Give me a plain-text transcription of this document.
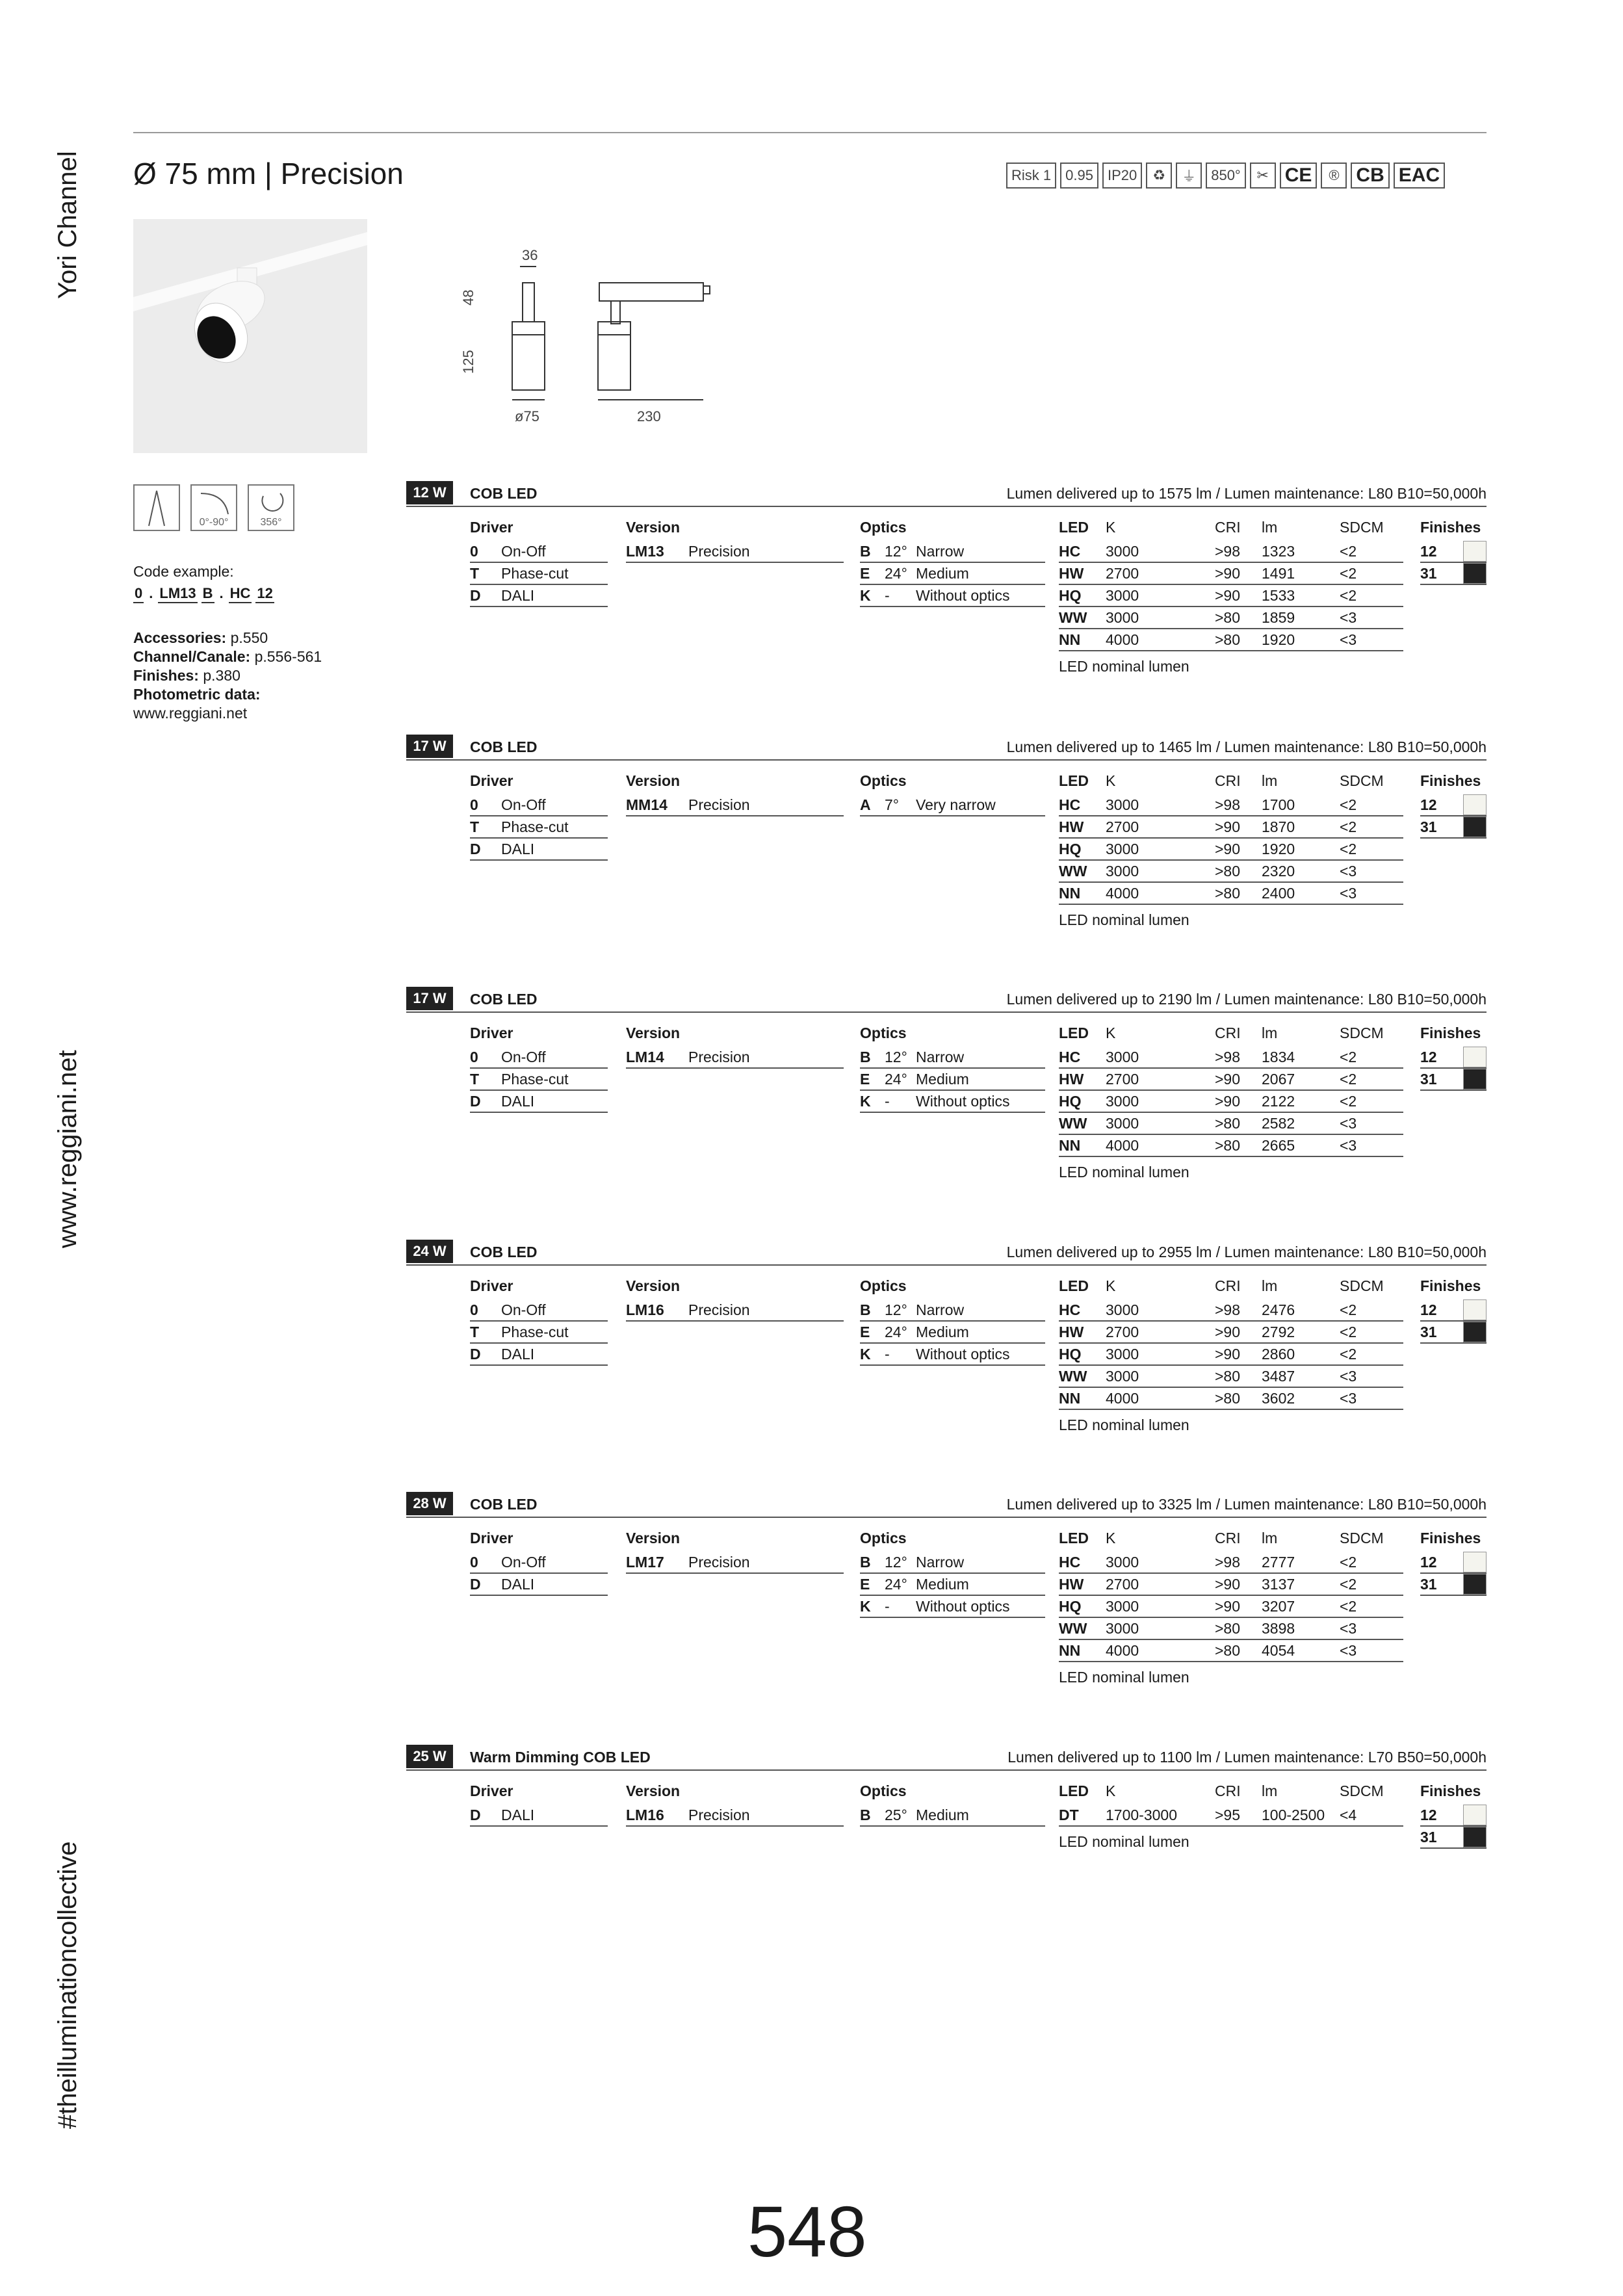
Yori Channel
www.reggiani.net
#theilluminationcollective
Ø 75 mm | Precision	Risk 1	0.95	IP20	♻	⏚	850°	✂ CE	® CB EAC
36
48
125
ø75	230
0°-90°	356°
Code example:
0 . LM13 B . HC 12
Accessories: p.550
Channel/Canale: p.556-561
Finishes: p.380
Photometric data:
www.reggiani.net
12 W	COB LED	Lumen delivered up to 1575 lm / Lumen maintenance: L80 B10=50,000h
Driver
0	On-Off
T	Phase-cut
D	DALI
Version
LM13	Precision
Optics
B 12° Narrow
E 24° Medium
K -	Without optics
LED	K	CRI	lm	SDCM
HC	3000	>98	1323	<2
HW	2700	>90	1491	<2
HQ	3000	>90	1533	<2
WW	3000	>80	1859	<3
NN	4000	>80	1920	<3
LED nominal lumen
Finishes
12
31
17 W	COB LED	Lumen delivered up to 1465 lm / Lumen maintenance: L80 B10=50,000h
Driver
0	On-Off
T	Phase-cut
D	DALI
Version
MM14	Precision
Optics
A 7°	Very narrow
LED	K	CRI	lm	SDCM
HC	3000	>98	1700	<2
HW	2700	>90	1870	<2
HQ	3000	>90	1920	<2
WW	3000	>80	2320	<3
NN	4000	>80	2400	<3
LED nominal lumen
Finishes
12
31
17 W	COB LED	Lumen delivered up to 2190 lm / Lumen maintenance: L80 B10=50,000h
Driver
0	On-Off
T	Phase-cut
D	DALI
Version
LM14	Precision
Optics
B 12° Narrow
E 24° Medium
K -	Without optics
LED	K	CRI	lm	SDCM
HC	3000	>98	1834	<2
HW	2700	>90	2067	<2
HQ	3000	>90	2122	<2
WW	3000	>80	2582	<3
NN	4000	>80	2665	<3
LED nominal lumen
Finishes
12
31
24 W	COB LED	Lumen delivered up to 2955 lm / Lumen maintenance: L80 B10=50,000h
Driver
0	On-Off
T	Phase-cut
D	DALI
Version
LM16	Precision
Optics
B 12° Narrow
E 24° Medium
K -	Without optics
LED	K	CRI	lm	SDCM
HC	3000	>98	2476	<2
HW	2700	>90	2792	<2
HQ	3000	>90	2860	<2
WW	3000	>80	3487	<3
NN	4000	>80	3602	<3
LED nominal lumen
Finishes
12
31
28 W	COB LED	Lumen delivered up to 3325 lm / Lumen maintenance: L80 B10=50,000h
Driver
0	On-Off
D	DALI
Version
LM17	Precision
Optics
B 12° Narrow
E 24° Medium
K -	Without optics
LED	K	CRI	lm	SDCM
HC	3000	>98	2777	<2
HW	2700	>90	3137	<2
HQ	3000	>90	3207	<2
WW	3000	>80	3898	<3
NN	4000	>80	4054	<3
LED nominal lumen
Finishes
12
31
25 W	Warm Dimming COB LED	Lumen delivered up to 1100 lm / Lumen maintenance: L70 B50=50,000h
Driver
D	DALI
Version
LM16	Precision
Optics
B 25° Medium
LED	K	CRI	lm	SDCM
DT	1700-3000	>95	100-2500 <4
LED nominal lumen
Finishes
12
31
548
